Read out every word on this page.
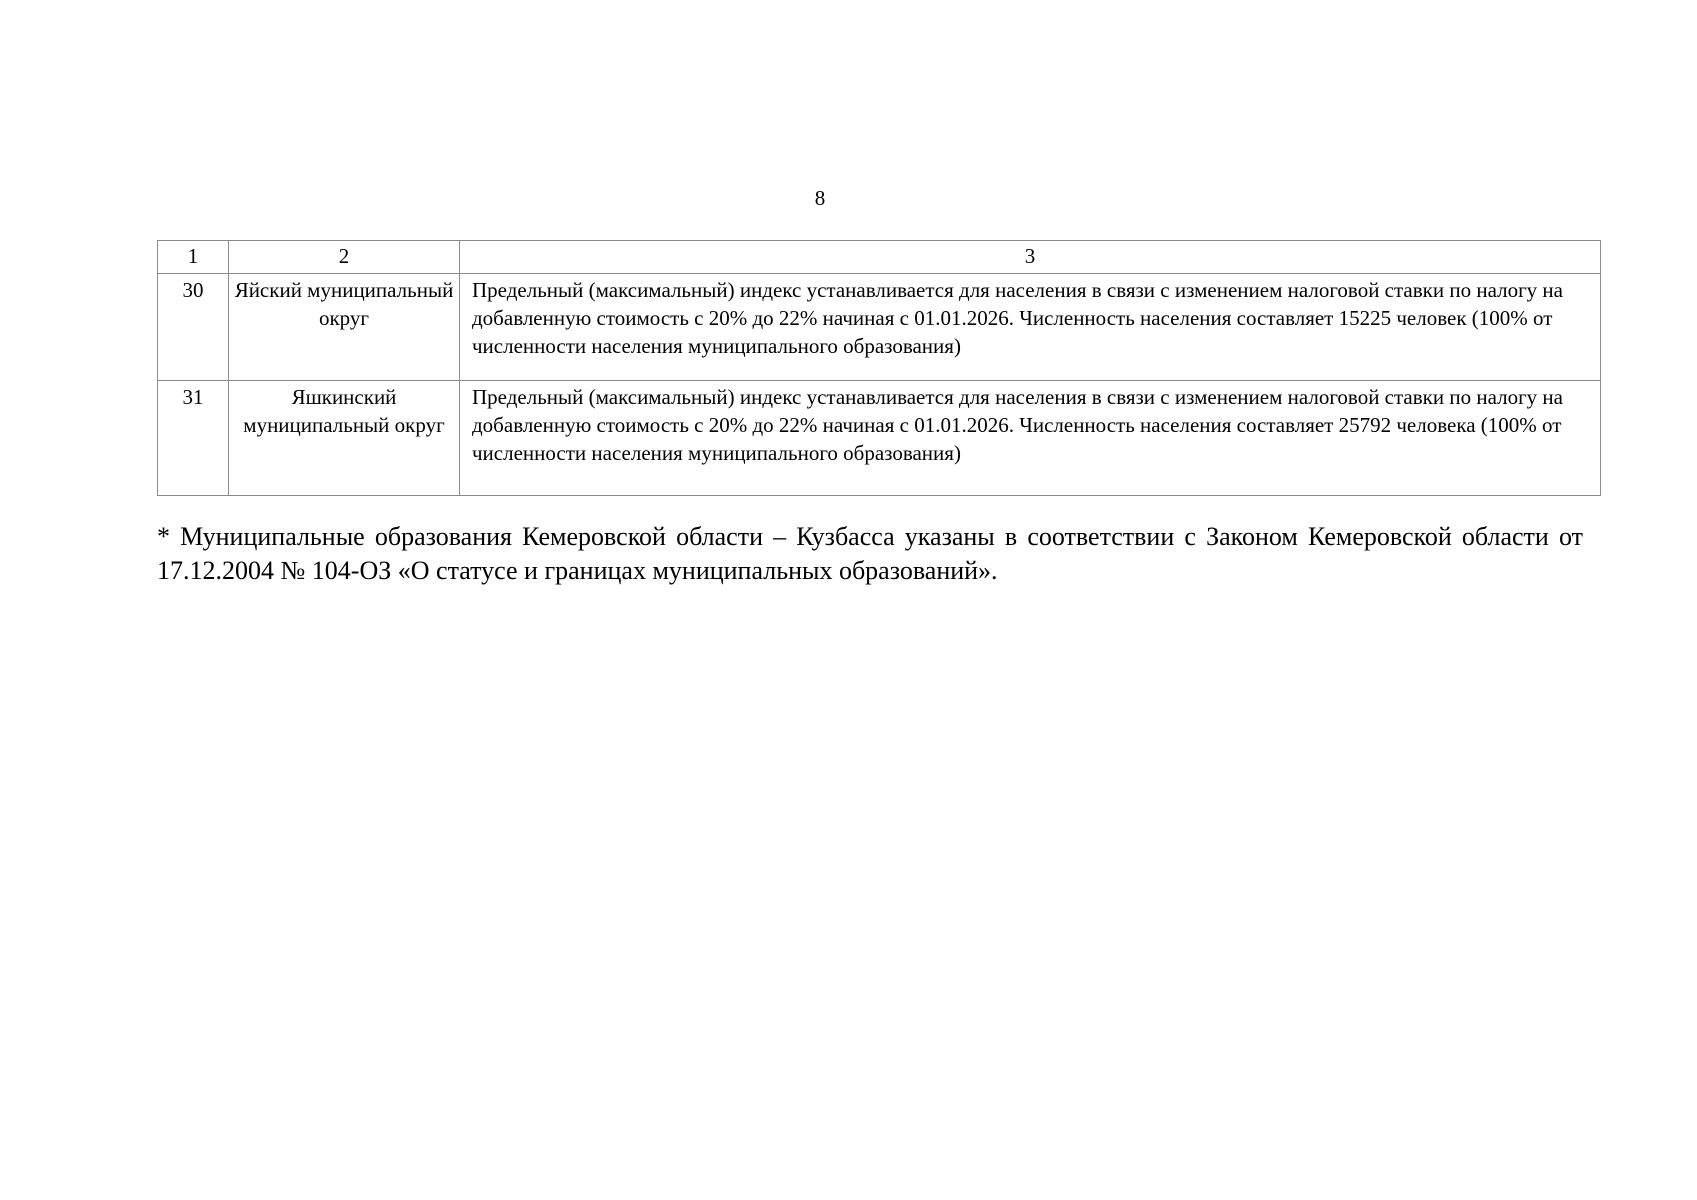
8
1	2	3
30	Яйский муниципальный округ	Предельный (максимальный) индекс устанавливается для населения в связи с изменением налоговой ставки по налогу на добавленную стоимость с 20% до 22% начиная с 01.01.2026. Численность населения составляет 15225 человек (100% от численности населения муниципального образования)
31	Яшкинский муниципальный округ	Предельный (максимальный) индекс устанавливается для населения в связи с изменением налоговой ставки по налогу на добавленную стоимость с 20% до 22% начиная с 01.01.2026. Численность населения составляет 25792 человека (100% от численности населения муниципального образования)
* Муниципальные образования Кемеровской области – Кузбасса указаны в соответствии с Законом Кемеровской области от 17.12.2004 № 104-ОЗ «О статусе и границах муниципальных образований».
